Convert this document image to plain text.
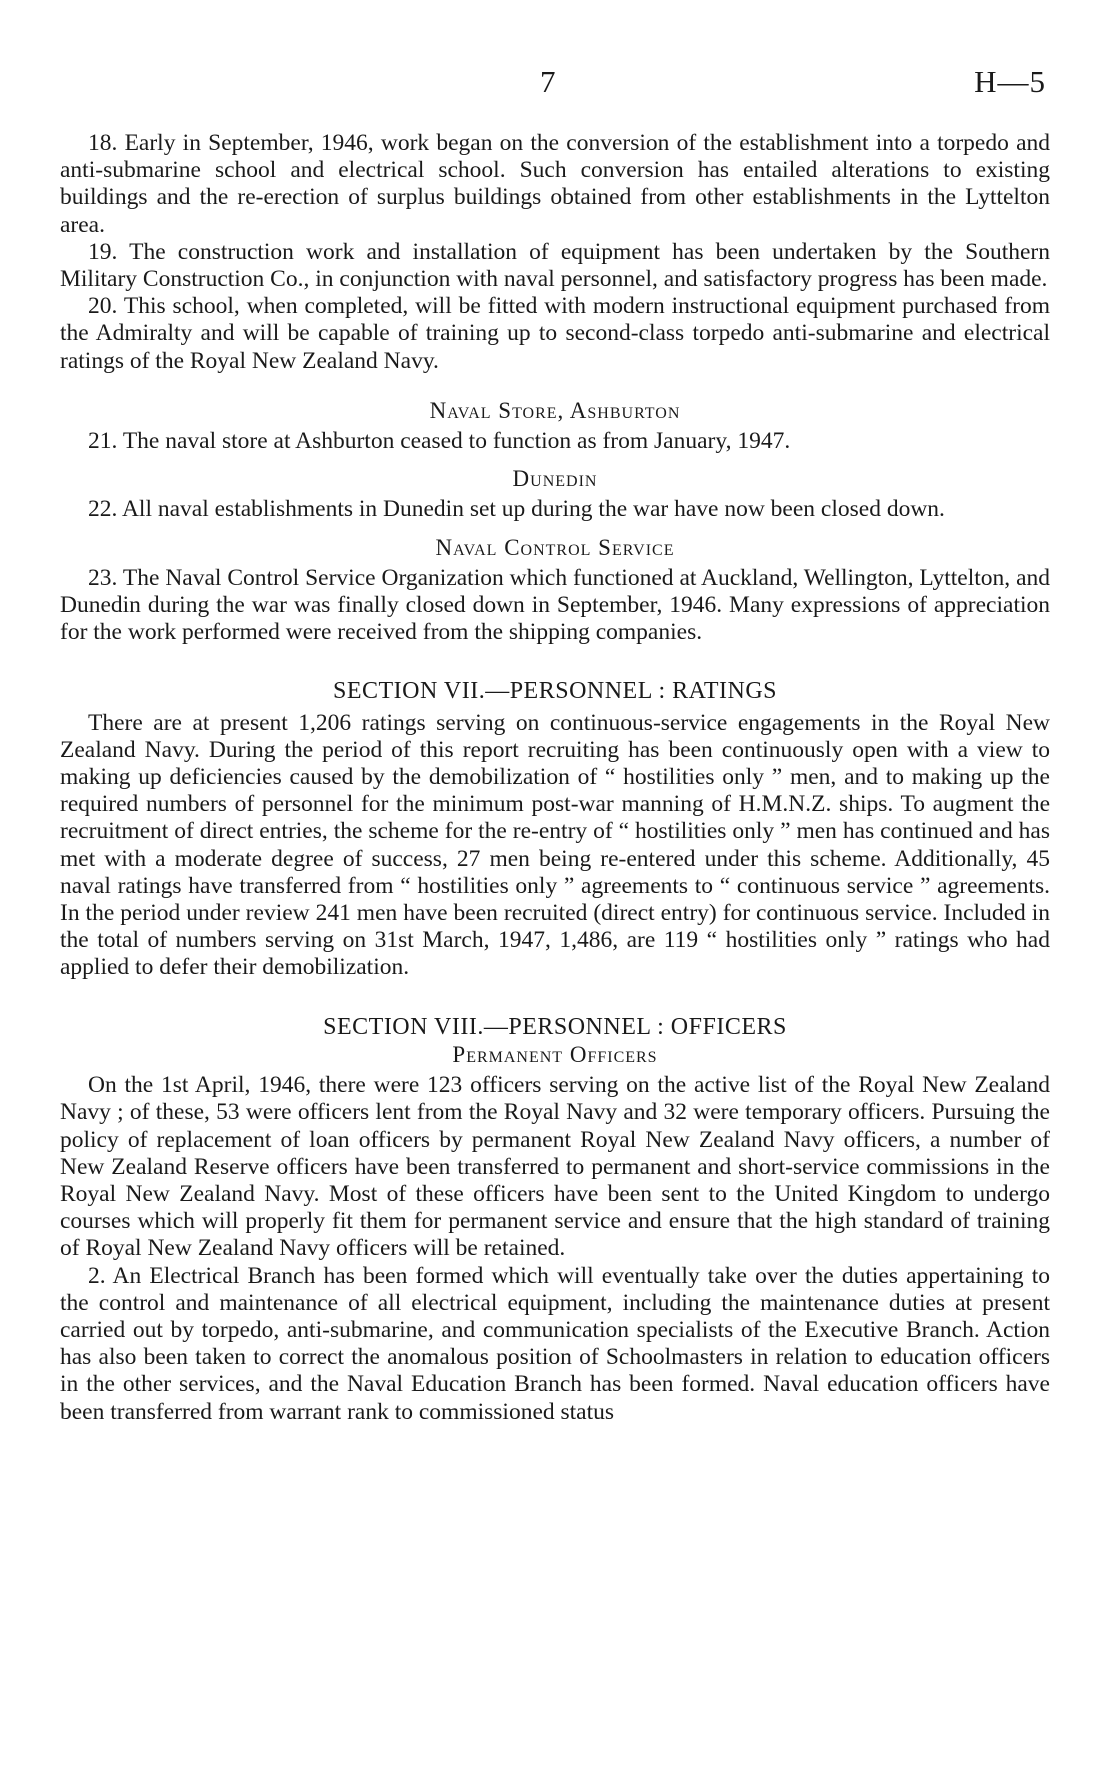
7	H—5

18. Early in September, 1946, work began on the conversion of the establishment into a torpedo and anti-submarine school and electrical school. Such conversion has entailed alterations to existing buildings and the re-erection of surplus buildings obtained from other establishments in the Lyttelton area.

19. The construction work and installation of equipment has been undertaken by the Southern Military Construction Co., in conjunction with naval personnel, and satisfactory progress has been made.

20. This school, when completed, will be fitted with modern instructional equipment purchased from the Admiralty and will be capable of training up to second-class torpedo anti-submarine and electrical ratings of the Royal New Zealand Navy.

Naval Store, Ashburton

21. The naval store at Ashburton ceased to function as from January, 1947.

Dunedin

22. All naval establishments in Dunedin set up during the war have now been closed down.

Naval Control Service

23. The Naval Control Service Organization which functioned at Auckland, Wellington, Lyttelton, and Dunedin during the war was finally closed down in September, 1946. Many expressions of appreciation for the work performed were received from the shipping companies.

SECTION VII.—PERSONNEL : RATINGS

There are at present 1,206 ratings serving on continuous-service engagements in the Royal New Zealand Navy. During the period of this report recruiting has been continuously open with a view to making up deficiencies caused by the demobilization of “ hostilities only ” men, and to making up the required numbers of personnel for the minimum post-war manning of H.M.N.Z. ships. To augment the recruitment of direct entries, the scheme for the re-entry of “ hostilities only ” men has continued and has met with a moderate degree of success, 27 men being re-entered under this scheme. Additionally, 45 naval ratings have transferred from “ hostilities only ” agreements to “ continuous service ” agreements. In the period under review 241 men have been recruited (direct entry) for continuous service. Included in the total of numbers serving on 31st March, 1947, 1,486, are 119 “ hostilities only ” ratings who had applied to defer their demobilization.

SECTION VIII.—PERSONNEL : OFFICERS

Permanent Officers

On the 1st April, 1946, there were 123 officers serving on the active list of the Royal New Zealand Navy ; of these, 53 were officers lent from the Royal Navy and 32 were temporary officers. Pursuing the policy of replacement of loan officers by permanent Royal New Zealand Navy officers, a number of New Zealand Reserve officers have been transferred to permanent and short-service commissions in the Royal New Zealand Navy. Most of these officers have been sent to the United Kingdom to undergo courses which will properly fit them for permanent service and ensure that the high standard of training of Royal New Zealand Navy officers will be retained.

2. An Electrical Branch has been formed which will eventually take over the duties appertaining to the control and maintenance of all electrical equipment, including the maintenance duties at present carried out by torpedo, anti-submarine, and communication specialists of the Executive Branch. Action has also been taken to correct the anomalous position of Schoolmasters in relation to education officers in the other services, and the Naval Education Branch has been formed. Naval education officers have been transferred from warrant rank to commissioned status
